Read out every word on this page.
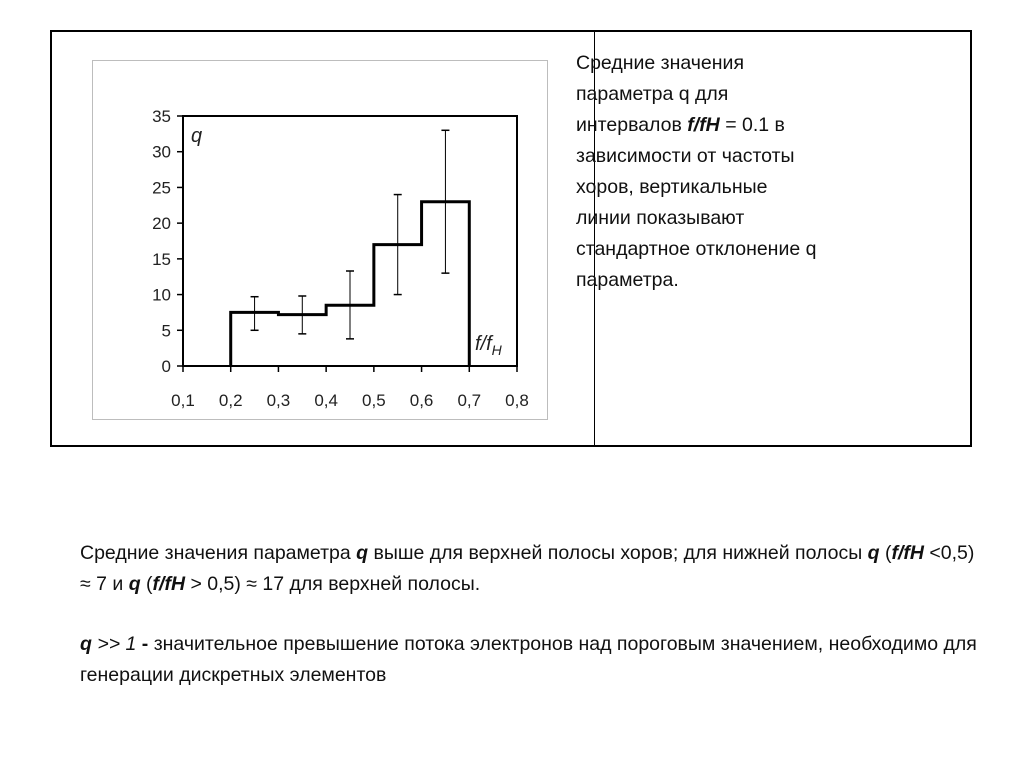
0
5
10
15
20
25
30
35
0,1 0,2 0,3 0,4 0,5 0,6 0,7 0,8
q
$f/f_H$
Средние значения
параметра q для
интервалов f/fH = 0.1 в
зависимости от частоты
хоров, вертикальные
линии показывают
стандартное отклонение q
параметра.
Средние значения параметра q выше для верхней полосы хоров; для нижней полосы q (f/fH <0,5) ≈ 7 и q (f/fH > 0,5) ≈ 17 для верхней полосы.
q >> 1 - значительное превышение потока электронов над пороговым значением, необходимо для генерации дискретных элементов
